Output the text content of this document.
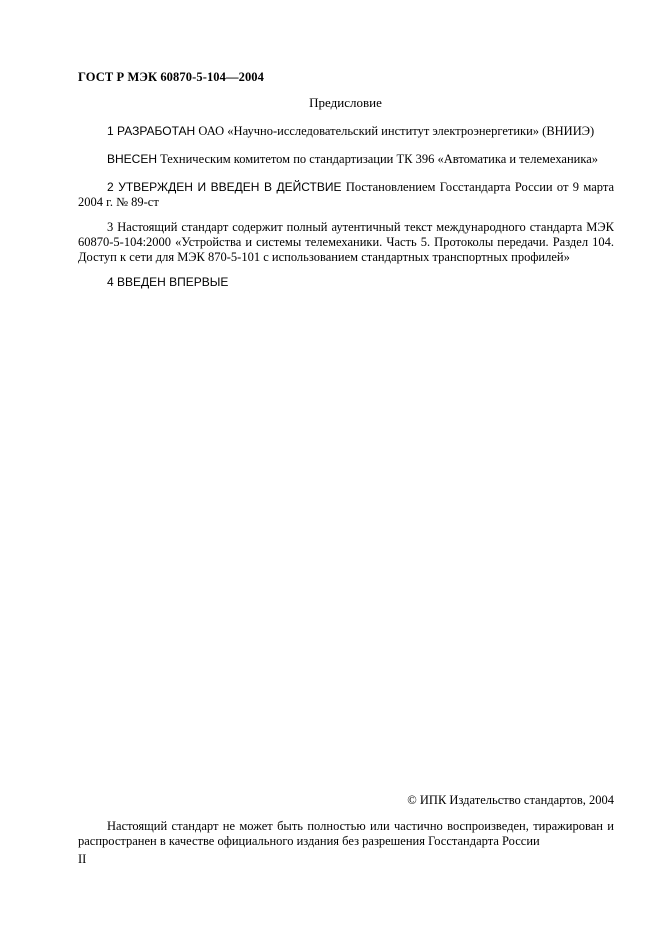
ГОСТ Р МЭК 60870-5-104—2004
Предисловие

1 РАЗРАБОТАН ОАО «Научно-исследовательский институт электроэнергетики» (ВНИИЭ)

ВНЕСЕН Техническим комитетом по стандартизации ТК 396 «Автоматика и телемеханика»

2 УТВЕРЖДЕН И ВВЕДЕН В ДЕЙСТВИЕ Постановлением Госстандарта России от 9 марта 2004 г. № 89-ст

3 Настоящий стандарт содержит полный аутентичный текст международного стандарта МЭК 60870-5-104:2000 «Устройства и системы телемеханики. Часть 5. Протоколы передачи. Раздел 104. Доступ к сети для МЭК 870-5-101 с использованием стандартных транспортных профилей»

4 ВВЕДЕН ВПЕРВЫЕ

© ИПК Издательство стандартов, 2004

Настоящий стандарт не может быть полностью или частично воспроизведен, тиражирован и распространен в качестве официального издания без разрешения Госстандарта России

II
